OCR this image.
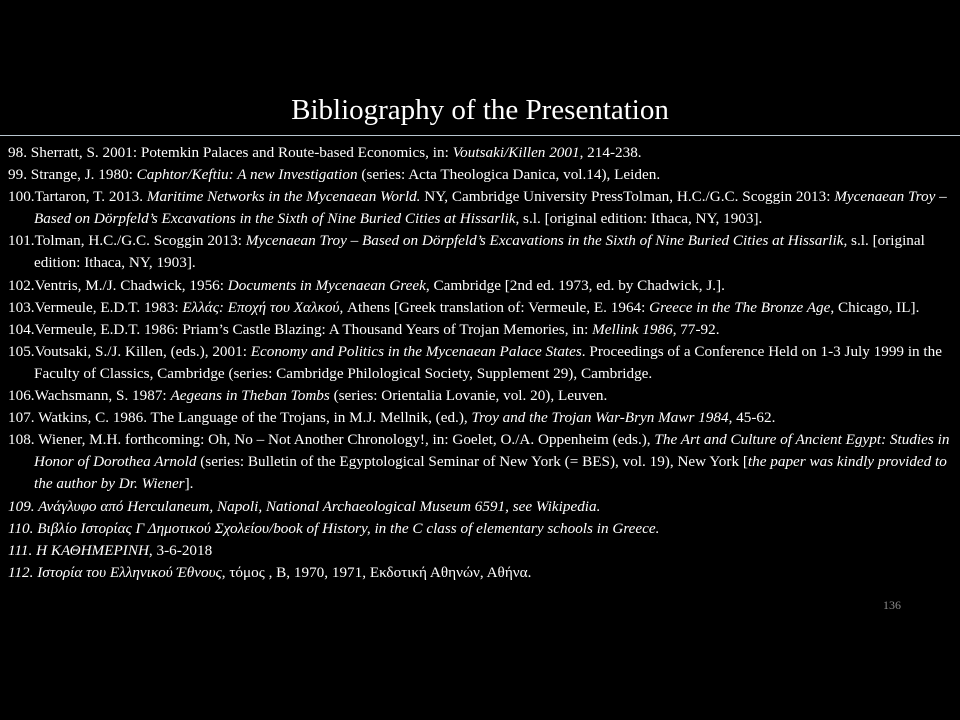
Bibliography of the Presentation
98. Sherratt, S. 2001: Potemkin Palaces and Route-based Economics, in: Voutsaki/Killen 2001, 214-238.
99. Strange, J. 1980: Caphtor/Keftiu: A new Investigation (series: Acta Theologica Danica, vol.14), Leiden.
100.Tartaron, T. 2013. Maritime Networks in the Mycenaean World. NY, Cambridge University PressTolman, H.C./G.C. Scoggin 2013: Mycenaean Troy – Based on Dörpfeld’s Excavations in the Sixth of Nine Buried Cities at Hissarlik, s.l. [original edition: Ithaca, NY, 1903].
101.Tolman, H.C./G.C. Scoggin 2013: Mycenaean Troy – Based on Dörpfeld’s Excavations in the Sixth of Nine Buried Cities at Hissarlik, s.l. [original edition: Ithaca, NY, 1903].
102.Ventris, M./J. Chadwick, 1956: Documents in Mycenaean Greek, Cambridge [2nd ed. 1973, ed. by Chadwick, J.].
103.Vermeule, E.D.T. 1983: Ελλάς: Εποχή του Χαλκού, Athens [Greek translation of: Vermeule, E. 1964: Greece in the The Bronze Age, Chicago, IL].
104.Vermeule, E.D.T. 1986: Priam’s Castle Blazing: A Thousand Years of Trojan Memories, in: Mellink 1986, 77-92.
105.Voutsaki, S./J. Killen, (eds.), 2001: Economy and Politics in the Mycenaean Palace States. Proceedings of a Conference Held on 1-3 July 1999 in the Faculty of Classics, Cambridge (series: Cambridge Philological Society, Supplement 29), Cambridge.
106.Wachsmann, S. 1987: Aegeans in Theban Tombs (series: Orientalia Lovanie, vol. 20), Leuven.
107. Watkins, C. 1986. The Language of the Trojans, in M.J. Mellnik, (ed.), Troy and the Trojan War-Bryn Mawr 1984, 45-62.
108. Wiener, M.H. forthcoming: Oh, No – Not Another Chronology!, in: Goelet, O./A. Oppenheim (eds.), The Art and Culture of Ancient Egypt: Studies in Honor of Dorothea Arnold (series: Bulletin of the Egyptological Seminar of New York (= BES), vol. 19), New York [the paper was kindly provided to the author by Dr. Wiener].
109. Ανάγλυφο από Herculaneum, Napoli, National Archaeological Museum 6591, see Wikipedia.
110. Βιβλίο Ιστορίας Γ Δημοτικού Σχολείου/book of History, in the C class of elementary schools in Greece.
111. Η ΚΑΘΗΜΕΡΙΝΗ, 3-6-2018
112. Ιστορία του Ελληνικού Έθνους, τόμος , Β, 1970, 1971, Εκδοτική Αθηνών, Αθήνα.
136
